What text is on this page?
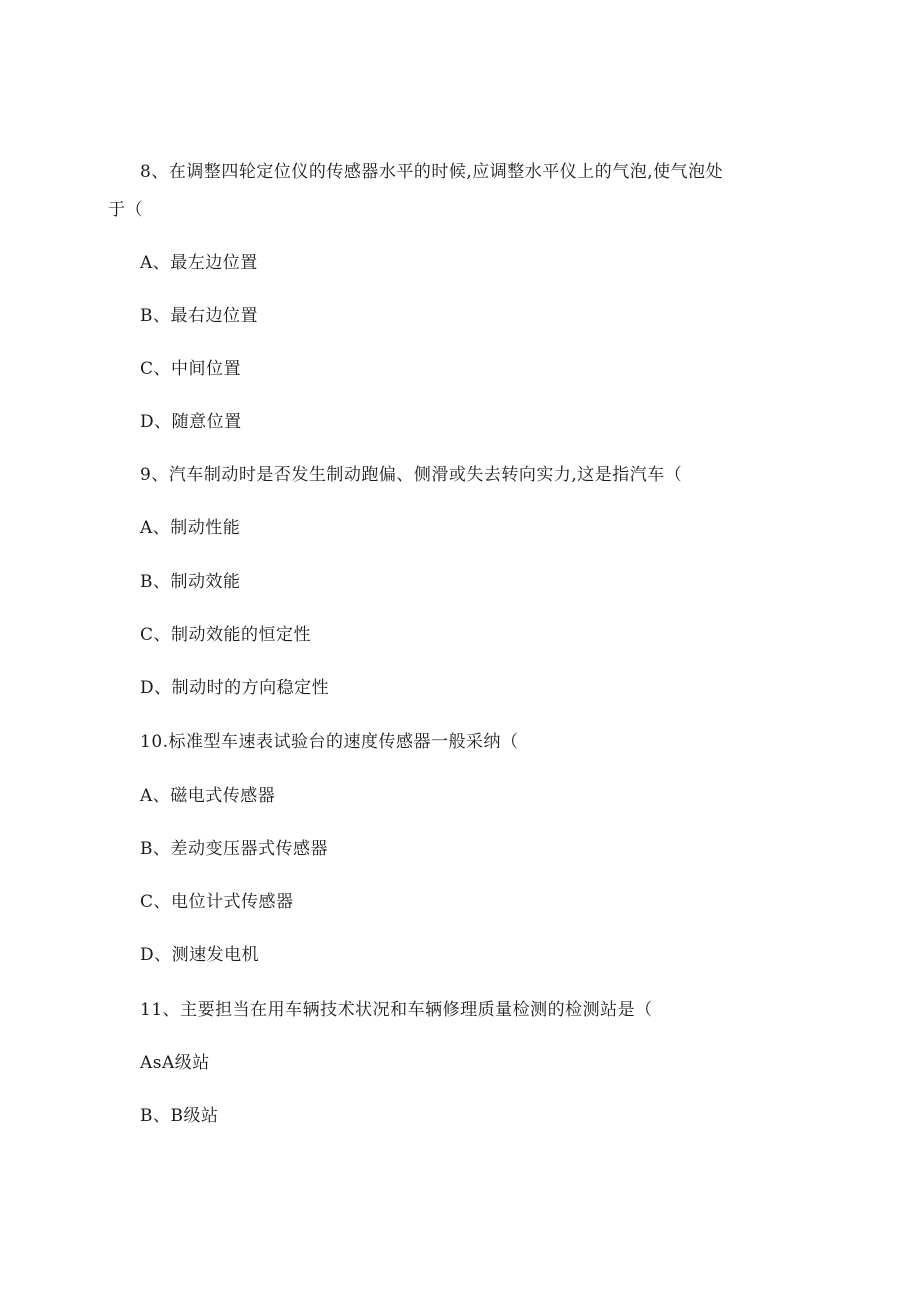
8、在调整四轮定位仪的传感器水平的时候,应调整水平仪上的气泡,使气泡处
于（
A、最左边位置
B、最右边位置
C、中间位置
D、随意位置
9、汽车制动时是否发生制动跑偏、侧滑或失去转向实力,这是指汽车（
A、制动性能
B、制动效能
C、制动效能的恒定性
D、制动时的方向稳定性
10.标准型车速表试验台的速度传感器一般采纳（
A、磁电式传感器
B、差动变压器式传感器
C、电位计式传感器
D、测速发电机
11、主要担当在用车辆技术状况和车辆修理质量检测的检测站是（
AsA级站
B、B级站
